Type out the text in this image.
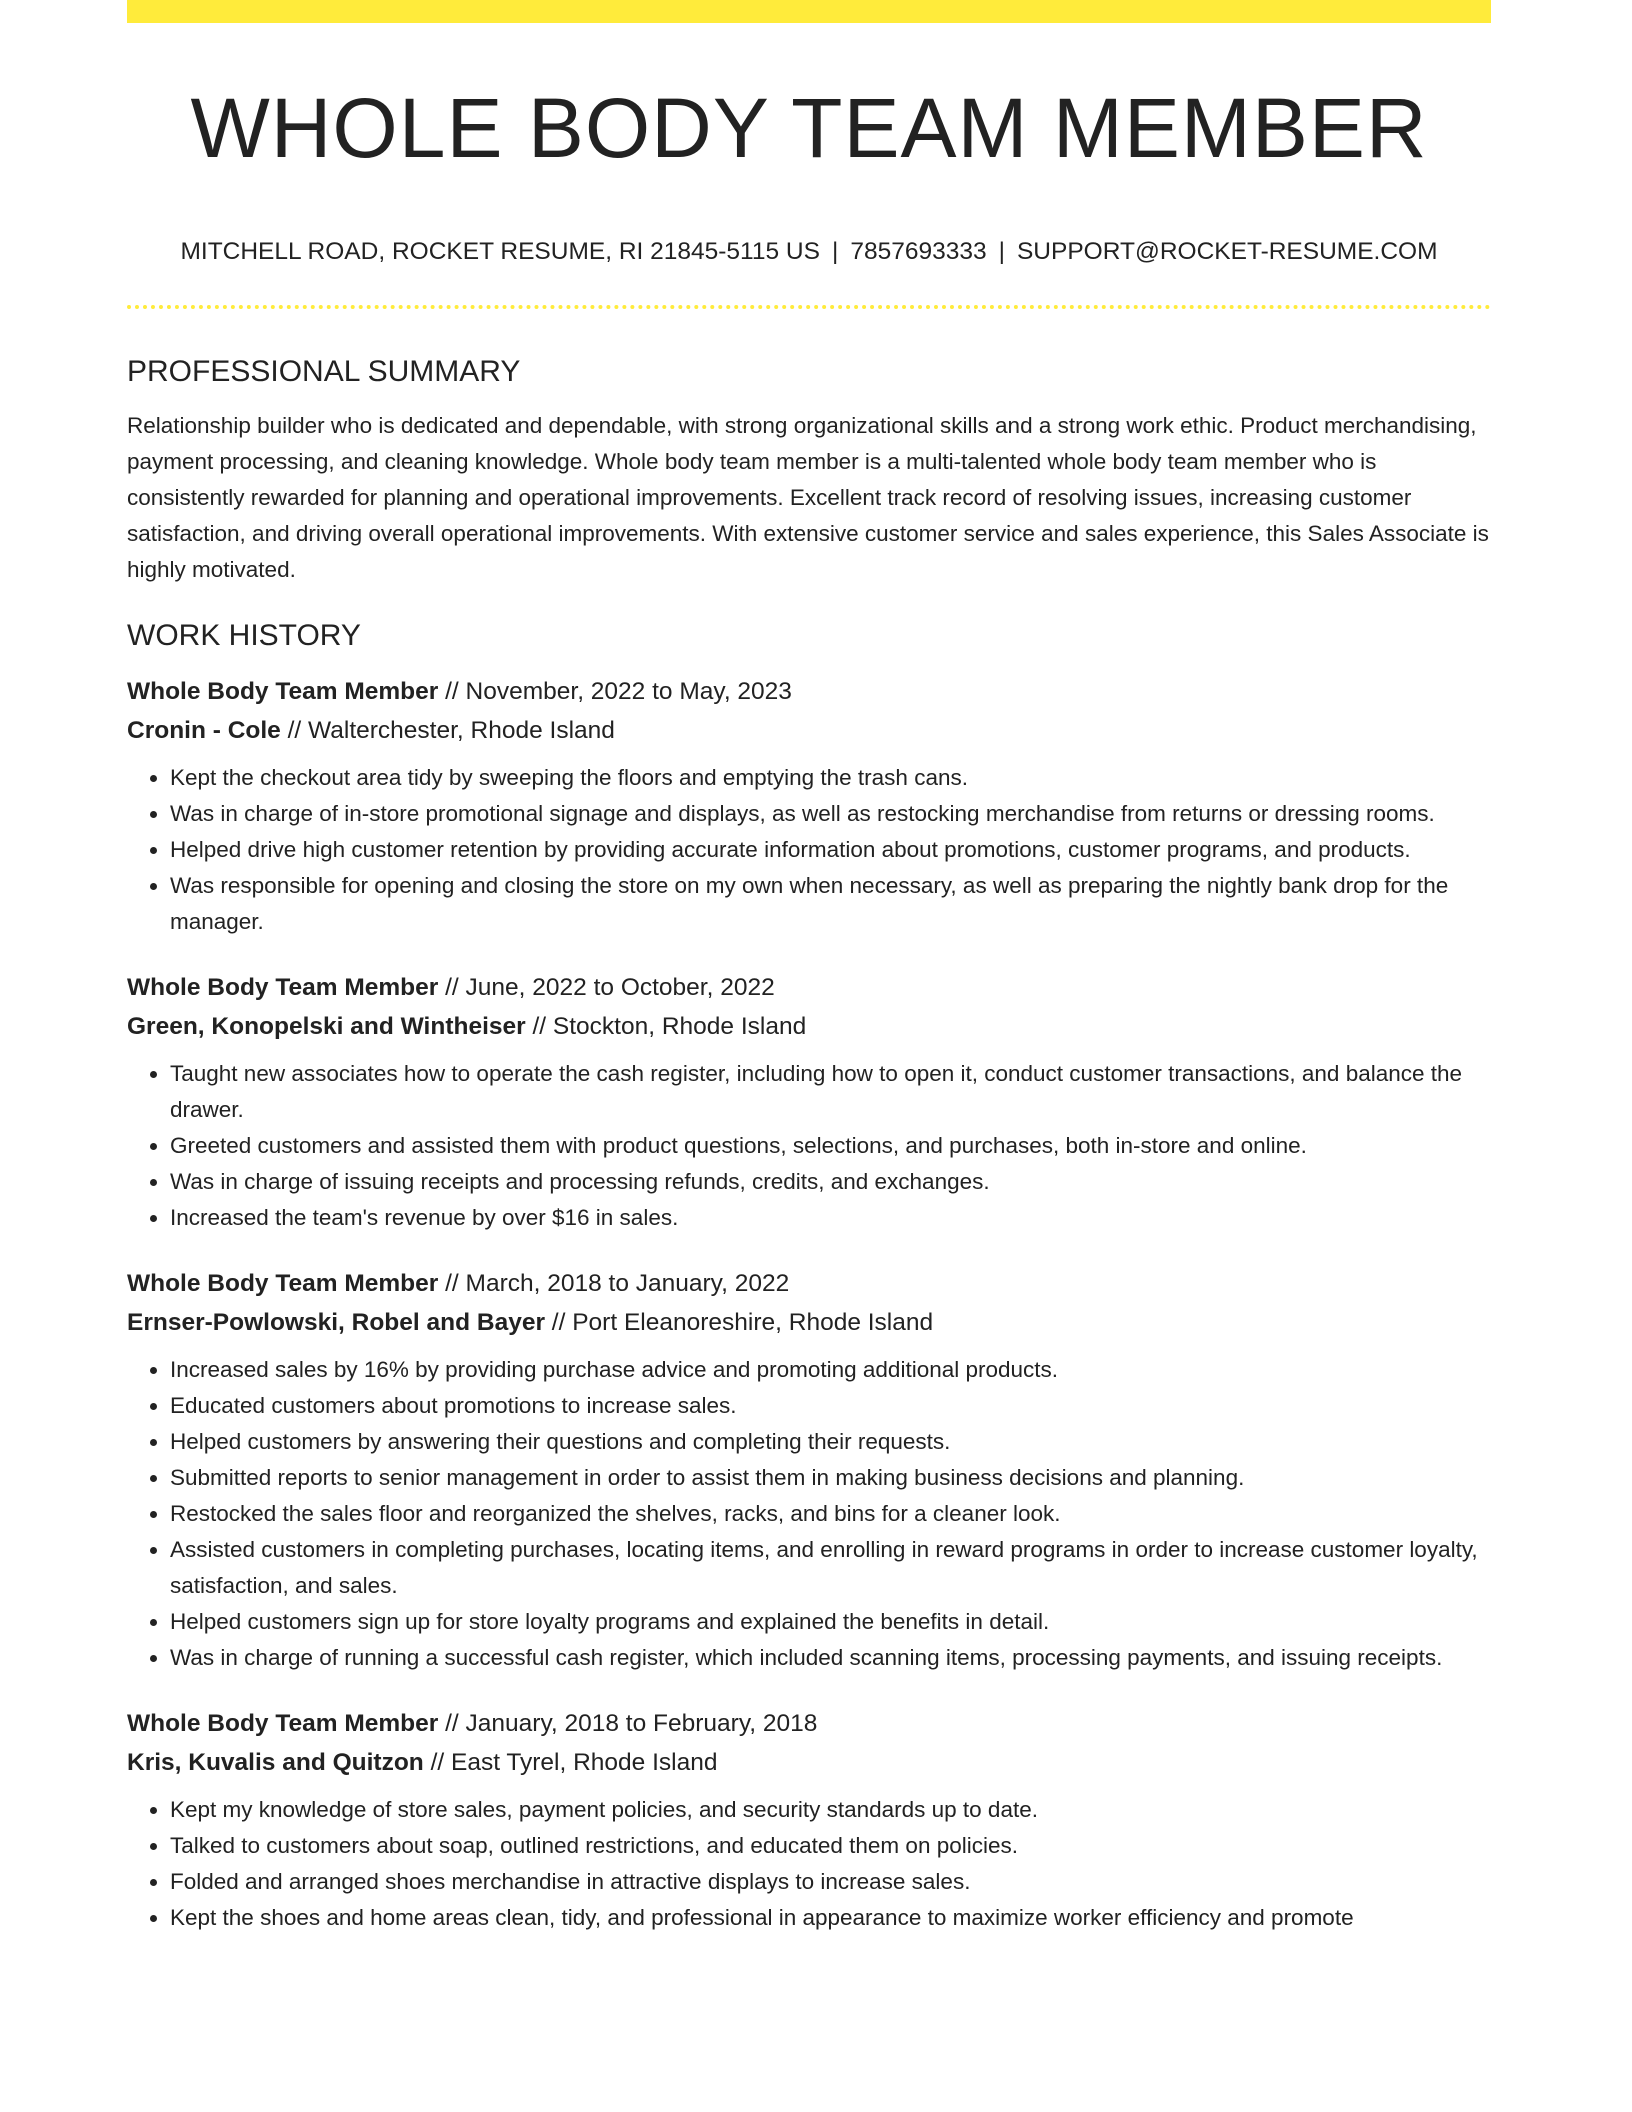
WHOLE BODY TEAM MEMBER
MITCHELL ROAD, ROCKET RESUME, RI 21845-5115 US | 7857693333 | SUPPORT@ROCKET-RESUME.COM
PROFESSIONAL SUMMARY

Relationship builder who is dedicated and dependable, with strong organizational skills and a strong work ethic. Product merchandising, payment processing, and cleaning knowledge. Whole body team member is a multi-talented whole body team member who is consistently rewarded for planning and operational improvements. Excellent track record of resolving issues, increasing customer satisfaction, and driving overall operational improvements. With extensive customer service and sales experience, this Sales Associate is highly motivated.

WORK HISTORY
Whole Body Team Member // November, 2022 to May, 2023
Cronin - Cole // Walterchester, Rhode Island
• Kept the checkout area tidy by sweeping the floors and emptying the trash cans.
• Was in charge of in-store promotional signage and displays, as well as restocking merchandise from returns or dressing rooms.
• Helped drive high customer retention by providing accurate information about promotions, customer programs, and products.
• Was responsible for opening and closing the store on my own when necessary, as well as preparing the nightly bank drop for the manager.
Whole Body Team Member // June, 2022 to October, 2022
Green, Konopelski and Wintheiser // Stockton, Rhode Island
• Taught new associates how to operate the cash register, including how to open it, conduct customer transactions, and balance the drawer.
• Greeted customers and assisted them with product questions, selections, and purchases, both in-store and online.
• Was in charge of issuing receipts and processing refunds, credits, and exchanges.
• Increased the team's revenue by over $16 in sales.
Whole Body Team Member // March, 2018 to January, 2022
Ernser-Powlowski, Robel and Bayer // Port Eleanoreshire, Rhode Island
• Increased sales by 16% by providing purchase advice and promoting additional products.
• Educated customers about promotions to increase sales.
• Helped customers by answering their questions and completing their requests.
• Submitted reports to senior management in order to assist them in making business decisions and planning.
• Restocked the sales floor and reorganized the shelves, racks, and bins for a cleaner look.
• Assisted customers in completing purchases, locating items, and enrolling in reward programs in order to increase customer loyalty, satisfaction, and sales.
• Helped customers sign up for store loyalty programs and explained the benefits in detail.
• Was in charge of running a successful cash register, which included scanning items, processing payments, and issuing receipts.
Whole Body Team Member // January, 2018 to February, 2018
Kris, Kuvalis and Quitzon // East Tyrel, Rhode Island
• Kept my knowledge of store sales, payment policies, and security standards up to date.
• Talked to customers about soap, outlined restrictions, and educated them on policies.
• Folded and arranged shoes merchandise in attractive displays to increase sales.
• Kept the shoes and home areas clean, tidy, and professional in appearance to maximize worker efficiency and promote
